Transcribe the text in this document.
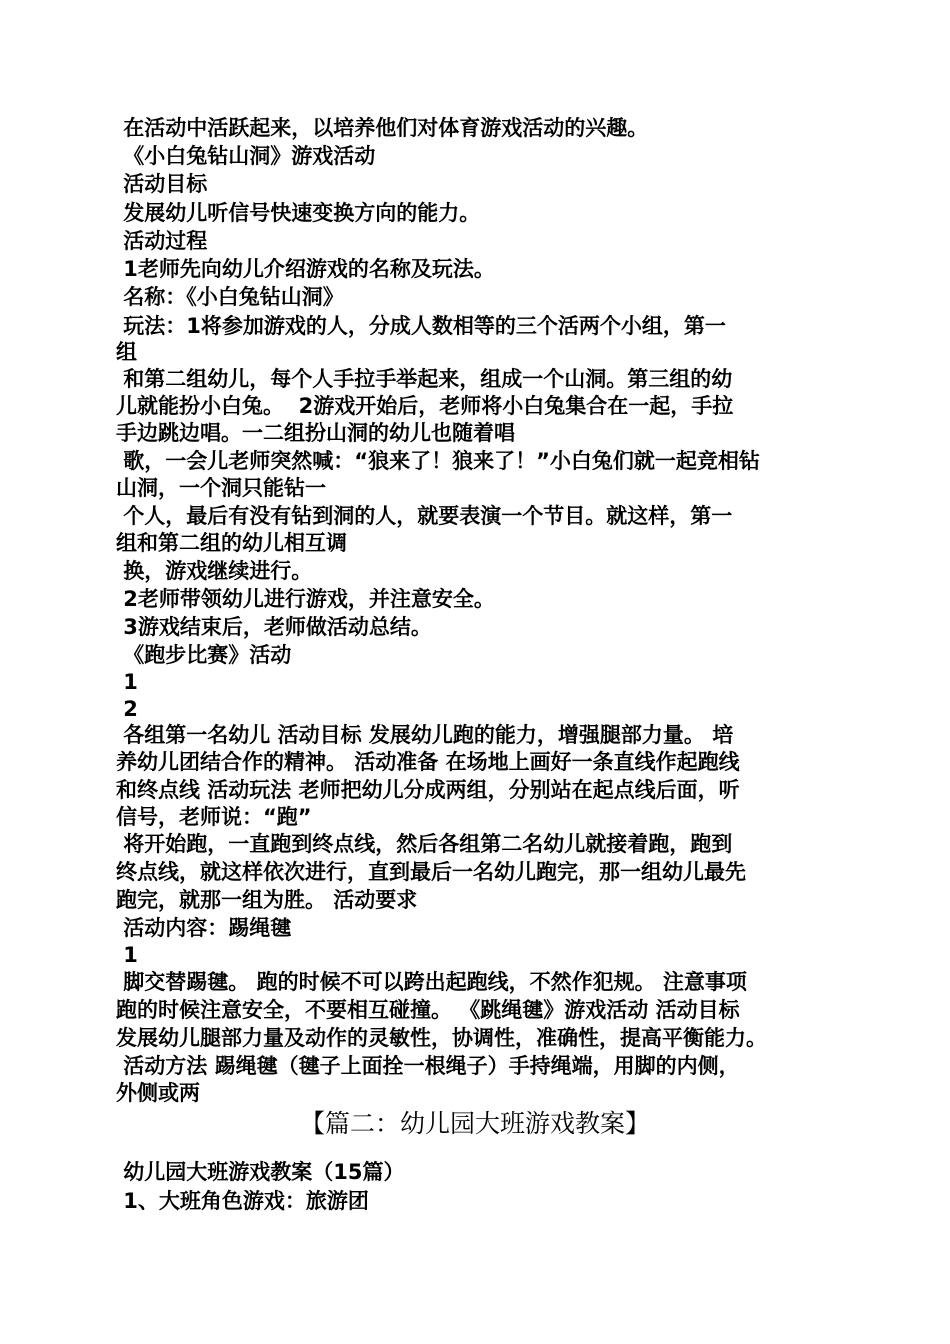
在活动中活跃起来，以培养他们对体育游戏活动的兴趣。
《小白兔钻山洞》游戏活动
活动目标
发展幼儿听信号快速变换方向的能力。
活动过程
1老师先向幼儿介绍游戏的名称及玩法。
名称：《小白兔钻山洞》
玩法：1将参加游戏的人，分成人数相等的三个活两个小组，第一
组
和第二组幼儿，每个人手拉手举起来，组成一个山洞。第三组的幼
儿就能扮小白兔。  2游戏开始后，老师将小白兔集合在一起，手拉
手边跳边唱。一二组扮山洞的幼儿也随着唱
歌，一会儿老师突然喊：“狼来了！狼来了！”小白兔们就一起竞相钻
山洞，一个洞只能钻一
个人，最后有没有钻到洞的人，就要表演一个节目。就这样，第一
组和第二组的幼儿相互调
换，游戏继续进行。
2老师带领幼儿进行游戏，并注意安全。
3游戏结束后，老师做活动总结。
《跑步比赛》活动
1
2
各组第一名幼儿 活动目标 发展幼儿跑的能力，增强腿部力量。 培
养幼儿团结合作的精神。 活动准备 在场地上画好一条直线作起跑线
和终点线 活动玩法 老师把幼儿分成两组，分别站在起点线后面，听
信号，老师说：“跑”
将开始跑，一直跑到终点线，然后各组第二名幼儿就接着跑，跑到
终点线，就这样依次进行，直到最后一名幼儿跑完，那一组幼儿最先
跑完，就那一组为胜。 活动要求
活动内容：踢绳毽
1
脚交替踢毽。 跑的时候不可以跨出起跑线，不然作犯规。 注意事项
跑的时候注意安全，不要相互碰撞。 《跳绳毽》游戏活动 活动目标
发展幼儿腿部力量及动作的灵敏性，协调性，准确性，提高平衡能力。
活动方法 踢绳毽（毽子上面拴一根绳子）手持绳端，用脚的内侧，
外侧或两
【篇二：幼儿园大班游戏教案】
幼儿园大班游戏教案（15篇）
1、大班角色游戏：旅游团
